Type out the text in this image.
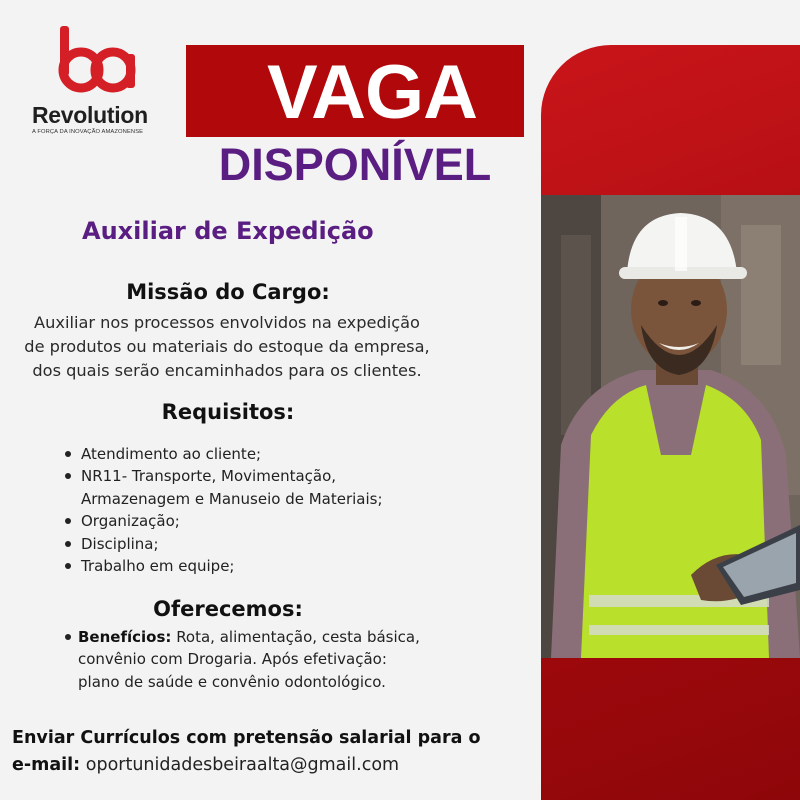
Revolution
A FORÇA DA INOVAÇÃO AMAZONENSE	VAGA
DISPONÍVEL
Auxiliar de Expedição
Missão do Cargo:
Auxiliar nos processos envolvidos na expedição de produtos ou materiais do estoque da empresa, dos quais serão encaminhados para os clientes.
Requisitos:
Atendimento ao cliente;
NR11- Transporte, Movimentação, Armazenagem e Manuseio de Materiais;
Organização;
Disciplina;
Trabalho em equipe;
Oferecemos:
Benefícios: Rota, alimentação, cesta básica, convênio com Drogaria. Após efetivação: plano de saúde e convênio odontológico.
Enviar Currículos com pretensão salarial para o
e-mail: oportunidadesbeiraalta@gmail.com
